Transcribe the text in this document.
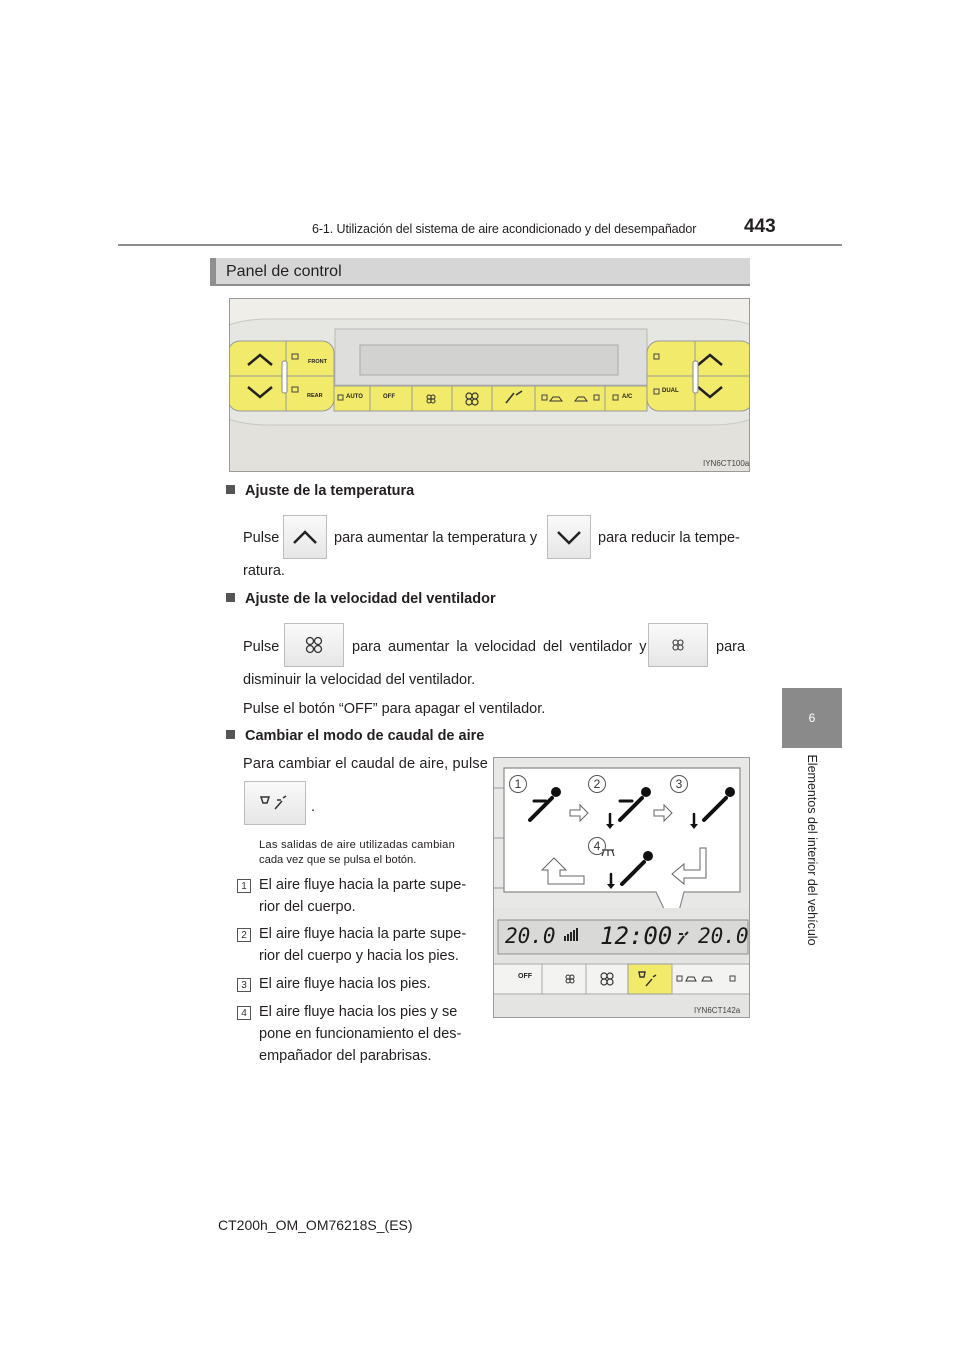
6-1. Utilización del sistema de aire acondicionado y del desempañador	443
6
Elementos del interior del vehículo
Panel de control
FRONT
REAR	AUTO	OFF	A/C
DUAL
IYN6CT100a
Ajuste de la temperatura
Pulse	para aumentar la temperatura y	para reducir la tempe-
ratura.
Ajuste de la velocidad del ventilador
Pulse	para aumentar la velocidad del ventilador y	para
disminuir la velocidad del ventilador.
Pulse el botón “OFF” para apagar el ventilador.
Cambiar el modo de caudal de aire
Para cambiar el caudal de aire, pulse
.
Las salidas de aire utilizadas cambian
cada vez que se pulsa el botón.
1 El aire fluye hacia la parte supe-
rior del cuerpo.
2 El aire fluye hacia la parte supe-
rior del cuerpo y hacia los pies.
3 El aire fluye hacia los pies.
4 El aire fluye hacia los pies y se
pone en funcionamiento el des-
empañador del parabrisas.
1	2	3
4
20.0 12:00 20.0
OFF
IYN6CT142a
CT200h_OM_OM76218S_(ES)
